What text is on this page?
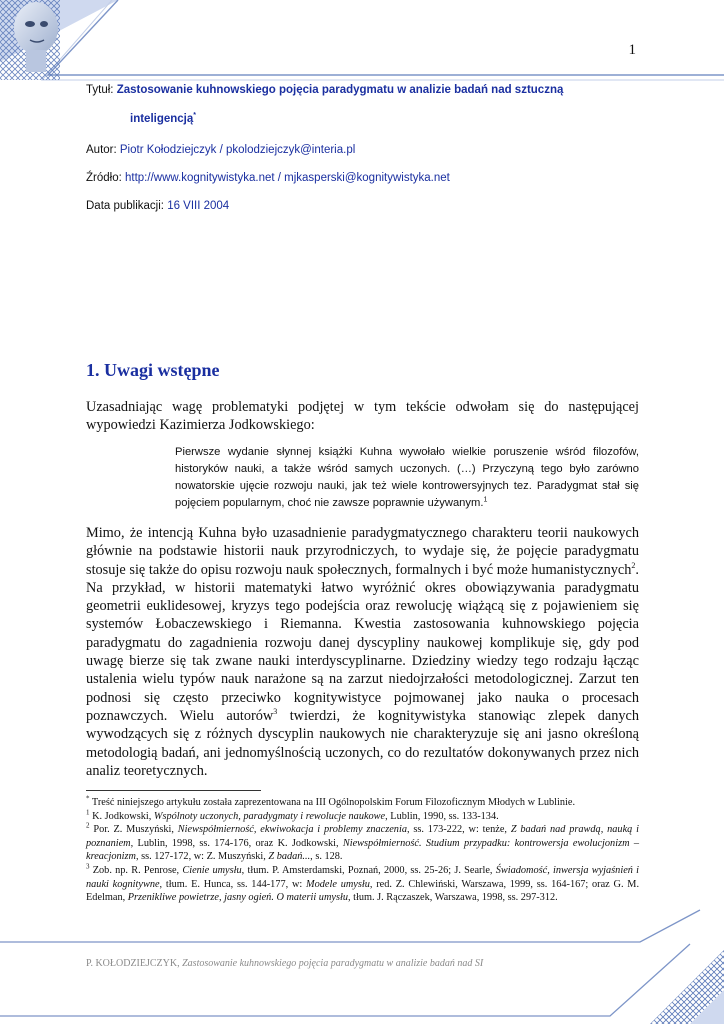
1
Tytuł: Zastosowanie kuhnowskiego pojęcia paradygmatu w analizie badań nad sztuczną
inteligencją*
Autor: Piotr Kołodziejczyk / pkolodziejczyk@interia.pl
Źródło: http://www.kognitywistyka.net / mjkasperski@kognitywistyka.net
Data publikacji: 16 VIII 2004
1. Uwagi wstępne
Uzasadniając wagę problematyki podjętej w tym tekście odwołam się do następującej wypowiedzi Kazimierza Jodkowskiego:
Pierwsze wydanie słynnej książki Kuhna wywołało wielkie poruszenie wśród filozofów, historyków nauki, a także wśród samych uczonych. (…) Przyczyną tego było zarówno nowatorskie ujęcie rozwoju nauki, jak też wiele kontrowersyjnych tez. Paradygmat stał się pojęciem popularnym, choć nie zawsze poprawnie używanym.$^1$
Mimo, że intencją Kuhna było uzasadnienie paradygmatycznego charakteru teorii naukowych głównie na podstawie historii nauk przyrodniczych, to wydaje się, że pojęcie paradygmatu stosuje się także do opisu rozwoju nauk społecznych, formalnych i być może humanistycznych$^2$. Na przykład, w historii matematyki łatwo wyróżnić okres obowiązywania paradygmatu geometrii euklidesowej, kryzys tego podejścia oraz rewolucję wiążącą się z pojawieniem się systemów Łobaczewskiego i Riemanna. Kwestia zastosowania kuhnowskiego pojęcia paradygmatu do zagadnienia rozwoju danej dyscypliny naukowej komplikuje się, gdy pod uwagę bierze się tak zwane nauki interdyscyplinarne. Dziedziny wiedzy tego rodzaju łącząc ustalenia wielu typów nauk narażone są na zarzut niedojrzałości metodologicznej. Zarzut ten podnosi się często przeciwko kognitywistyce pojmowanej jako nauka o procesach poznawczych. Wielu autorów$^3$ twierdzi, że kognitywistyka stanowiąc zlepek danych wywodzących się z różnych dyscyplin naukowych nie charakteryzuje się ani jasno określoną metodologią badań, ani jednomyślnością uczonych, co do rezultatów dokonywanych przez nich analiz teoretycznych.

* Treść niniejszego artykułu została zaprezentowana na III Ogólnopolskim Forum Filozoficznym Młodych w Lublinie.

$^1$ K. Jodkowski, Wspólnoty uczonych, paradygmaty i rewolucje naukowe, Lublin, 1990, ss. 133-134.

$^2$ Por. Z. Muszyński, Niewspółmierność, ekwiwokacja i problemy znaczenia, ss. 173-222, w: tenże, Z badań nad prawdą, nauką i poznaniem, Lublin, 1998, ss. 174-176, oraz K. Jodkowski, Niewspółmierność. Studium przypadku: kontrowersja ewolucjonizm – kreacjonizm, ss. 127-172, w: Z. Muszyński, Z badań..., s. 128.

$^3$ Zob. np. R. Penrose, Cienie umysłu, tłum. P. Amsterdamski, Poznań, 2000, ss. 25-26; J. Searle, Świadomość, inwersja wyjaśnień i nauki kognitywne, tłum. E. Hunca, ss. 144-177, w: Modele umysłu, red. Z. Chlewiński, Warszawa, 1999, ss. 164-167; oraz G. M. Edelman, Przenikliwe powietrze, jasny ogień. O materii umysłu, tłum. J. Rączaszek, Warszawa, 1998, ss. 297-312.

P. KOŁODZIEJCZYK, Zastosowanie kuhnowskiego pojęcia paradygmatu w analizie badań nad SI
